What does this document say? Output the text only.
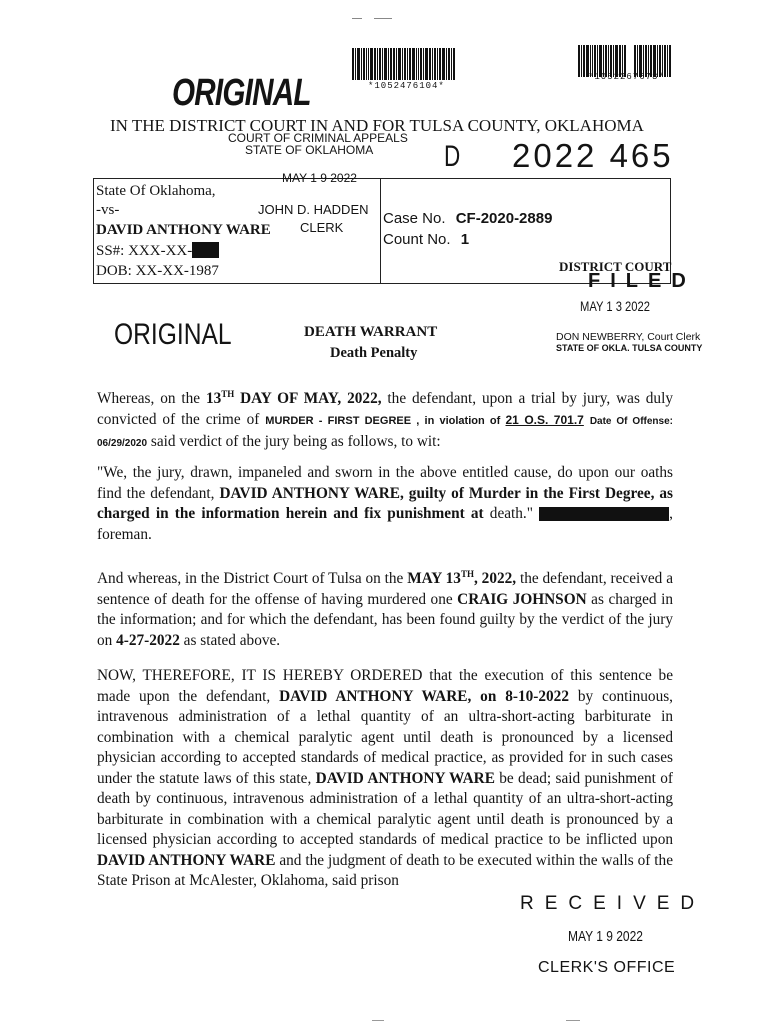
ORIGINAL	*1052476104*
*1052267673*
IN THE DISTRICT COURT IN AND FOR TULSA COUNTY, OKLAHOMA
COURT OF CRIMINAL APPEALS
STATE OF OKLAHOMA D 2022 465
MAY 1 9 2022
State Of Oklahoma,
-vs-	JOHN D. HADDEN
DAVID ANTHONY WARE CLERK
SS#: XXX-XX-
DOB: XX-XX-1987
Case No. CF-2020-2889
Count No. 1
DISTRICT COURT
FILED
MAY 1 3 2022
ORIGINAL	DEATH WARRANT
Death Penalty
DON NEWBERRY, Court Clerk
STATE OF OKLA. TULSA COUNTY

Whereas, on the 13TH DAY OF MAY, 2022, the defendant, upon a trial by jury, was duly convicted of the crime of MURDER - FIRST DEGREE , in violation of 21 O.S. 701.7 Date Of Offense: 06/29/2020 said verdict of the jury being as follows, to wit:

"We, the jury, drawn, impaneled and sworn in the above entitled cause, do upon our oaths find the defendant, DAVID ANTHONY WARE, guilty of Murder in the First Degree, as charged in the information herein and fix punishment at death."	, foreman.

And whereas, in the District Court of Tulsa on the MAY 13TH, 2022, the defendant, received a sentence of death for the offense of having murdered one CRAIG JOHNSON as charged in the information; and for which the defendant, has been found guilty by the verdict of the jury on 4-27-2022 as stated above.

NOW, THEREFORE, IT IS HEREBY ORDERED that the execution of this sentence be made upon the defendant, DAVID ANTHONY WARE, on 8-10-2022 by continuous, intravenous administration of a lethal quantity of an ultra-short-acting barbiturate in combination with a chemical paralytic agent until death is pronounced by a licensed physician according to accepted standards of medical practice, as provided for in such cases under the statute laws of this state, DAVID ANTHONY WARE be dead; said punishment of death by continuous, intravenous administration of a lethal quantity of an ultra-short-acting barbiturate in combination with a chemical paralytic agent until death is pronounced by a licensed physician according to accepted standards of medical practice to be inflicted upon DAVID ANTHONY WARE and the judgment of death to be executed within the walls of the State Prison at McAlester, Oklahoma, said prison

RECEIVED
MAY 1 9 2022
CLERK'S OFFICE
